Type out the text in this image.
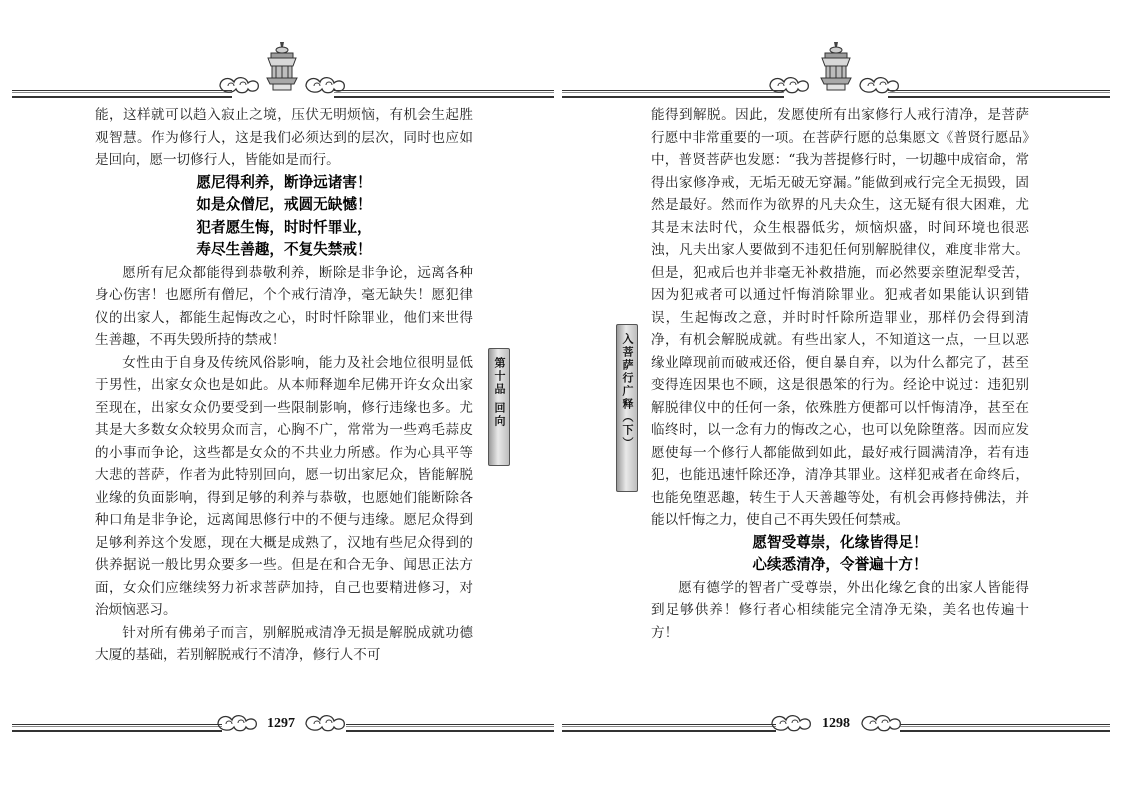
能，这样就可以趋入寂止之境，压伏无明烦恼，有机会生起胜观智慧。作为修行人，这是我们必须达到的层次，同时也应如是回向，愿一切修行人，皆能如是而行。

愿尼得利养，断诤远诸害！
如是众僧尼，戒圆无缺憾！
犯者愿生悔，时时忏罪业，
寿尽生善趣，不复失禁戒！

愿所有尼众都能得到恭敬利养，断除是非争论，远离各种身心伤害！也愿所有僧尼，个个戒行清净，毫无缺失！愿犯律仪的出家人，都能生起悔改之心，时时忏除罪业，他们来世得生善趣，不再失毁所持的禁戒！

女性由于自身及传统风俗影响，能力及社会地位很明显低于男性，出家女众也是如此。从本师释迦牟尼佛开许女众出家至现在，出家女众仍要受到一些限制影响，修行违缘也多。尤其是大多数女众较男众而言，心胸不广，常常为一些鸡毛蒜皮的小事而争论，这些都是女众的不共业力所感。作为心具平等大悲的菩萨，作者为此特别回向，愿一切出家尼众，皆能解脱业缘的负面影响，得到足够的利养与恭敬，也愿她们能断除各种口角是非争论，远离闻思修行中的不便与违缘。愿尼众得到足够利养这个发愿，现在大概是成熟了，汉地有些尼众得到的供养据说一般比男众要多一些。但是在和合无争、闻思正法方面，女众们应继续努力祈求菩萨加持，自己也要精进修习，对治烦恼恶习。

针对所有佛弟子而言，别解脱戒清净无损是解脱成就功德大厦的基础，若别解脱戒行不清净，修行人不可

第十品 回向
1297
入菩萨行广释（下）

能得到解脱。因此，发愿使所有出家修行人戒行清净，是菩萨行愿中非常重要的一项。在菩萨行愿的总集愿文《普贤行愿品》中，普贤菩萨也发愿：“我为菩提修行时，一切趣中成宿命，常得出家修净戒，无垢无破无穿漏。”能做到戒行完全无损毁，固然是最好。然而作为欲界的凡夫众生，这无疑有很大困难，尤其是末法时代，众生根器低劣，烦恼炽盛，时间环境也很恶浊，凡夫出家人要做到不违犯任何别解脱律仪，难度非常大。但是，犯戒后也并非毫无补救措施，而必然要亲堕泥犁受苦，因为犯戒者可以通过忏悔消除罪业。犯戒者如果能认识到错误，生起悔改之意，并时时忏除所造罪业，那样仍会得到清净，有机会解脱成就。有些出家人，不知道这一点，一旦以恶缘业障现前而破戒还俗，便自暴自弃，以为什么都完了，甚至变得连因果也不顾，这是很愚笨的行为。经论中说过：违犯别解脱律仪中的任何一条，依殊胜方便都可以忏悔清净，甚至在临终时，以一念有力的悔改之心，也可以免除堕落。因而应发愿使每一个修行人都能做到如此，最好戒行圆满清净，若有违犯，也能迅速忏除还净，清净其罪业。这样犯戒者在命终后，也能免堕恶趣，转生于人天善趣等处，有机会再修持佛法，并能以忏悔之力，使自己不再失毁任何禁戒。

愿智受尊崇，化缘皆得足！
心续悉清净，令誉遍十方！

愿有德学的智者广受尊崇，外出化缘乞食的出家人皆能得到足够供养！修行者心相续能完全清净无染，美名也传遍十方！

1298
